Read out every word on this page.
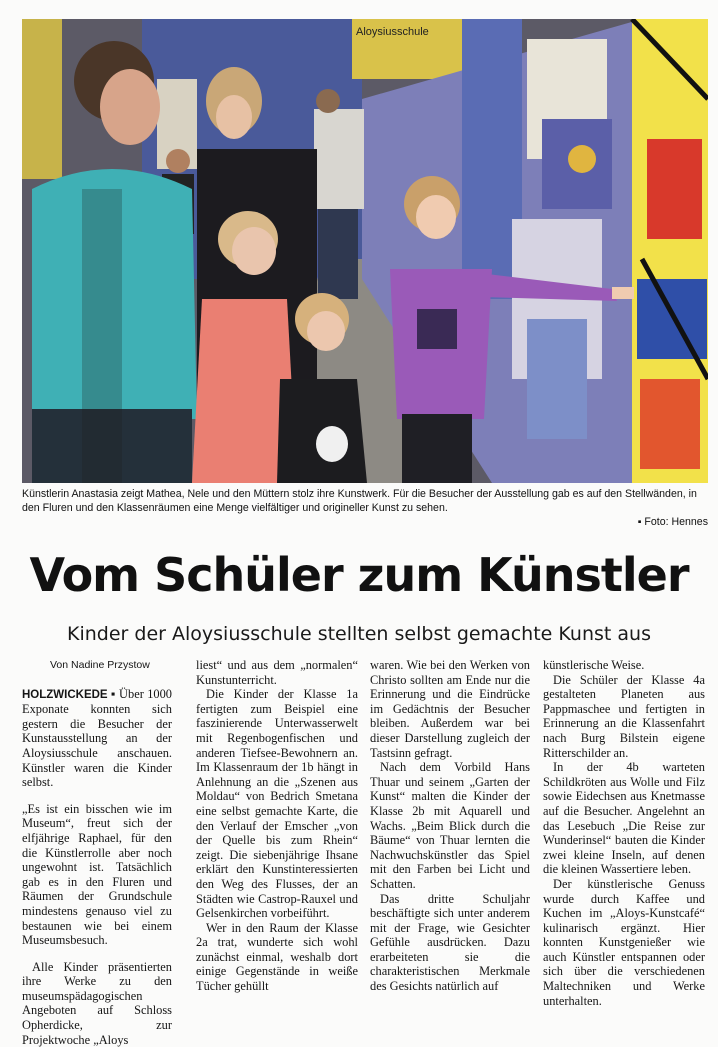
Aloysiusschule
Künstlerin Anastasia zeigt Mathea, Nele und den Müttern stolz ihre Kunstwerk. Für die Besucher der Ausstellung gab es auf den Stellwänden, in den Fluren und den Klassenräumen eine Menge vielfältiger und origineller Kunst zu sehen.
▪ Foto: Hennes
Vom Schüler zum Künstler
Kinder der Aloysiusschule stellten selbst gemachte Kunst aus
Von Nadine Przystow

HOLZWICKEDE ▪ Über 1000 Exponate konnten sich gestern die Besucher der Kunstausstellung an der Aloysiusschule anschauen. Künstler waren die Kinder selbst.

„Es ist ein bisschen wie im Museum“, freut sich der elfjährige Raphael, für den die Künstlerrolle aber noch ungewohnt ist. Tatsächlich gab es in den Fluren und Räumen der Grundschule mindestens genauso viel zu bestaunen wie bei einem Museumsbesuch.

Alle Kinder präsentierten ihre Werke zu den museumspädagogischen Angeboten auf Schloss Opherdicke, zur Projektwoche „Aloys

liest“ und aus dem „normalen“ Kunstunterricht.

Die Kinder der Klasse 1a fertigten zum Beispiel eine faszinierende Unterwasserwelt mit Regenbogenfischen und anderen Tiefsee-Bewohnern an. Im Klassenraum der 1b hängt in Anlehnung an die „Szenen aus Moldau“ von Bedrich Smetana eine selbst gemachte Karte, die den Verlauf der Emscher „von der Quelle bis zum Rhein“ zeigt. Die siebenjährige Ihsane erklärt den Kunstinteressierten den Weg des Flusses, der an Städten wie Castrop-Rauxel und Gelsenkirchen vorbeiführt.

Wer in den Raum der Klasse 2a trat, wunderte sich wohl zunächst einmal, weshalb dort einige Gegenstände in weiße Tücher gehüllt

waren. Wie bei den Werken von Christo sollten am Ende nur die Erinnerung und die Eindrücke im Gedächtnis der Besucher bleiben. Außerdem war bei dieser Darstellung zugleich der Tastsinn gefragt.

Nach dem Vorbild Hans Thuar und seinem „Garten der Kunst“ malten die Kinder der Klasse 2b mit Aquarell und Wachs. „Beim Blick durch die Bäume“ von Thuar lernten die Nachwuchskünstler das Spiel mit den Farben bei Licht und Schatten.

Das dritte Schuljahr beschäftigte sich unter anderem mit der Frage, wie Gesichter Gefühle ausdrücken. Dazu erarbeiteten sie die charakteristischen Merkmale des Gesichts natürlich auf

künstlerische Weise.

Die Schüler der Klasse 4a gestalteten Planeten aus Pappmaschee und fertigten in Erinnerung an die Klassenfahrt nach Burg Bilstein eigene Ritterschilder an.

In der 4b warteten Schildkröten aus Wolle und Filz sowie Eidechsen aus Knetmasse auf die Besucher. Angelehnt an das Lesebuch „Die Reise zur Wunderinsel“ bauten die Kinder zwei kleine Inseln, auf denen die kleinen Wassertiere leben.

Der künstlerische Genuss wurde durch Kaffee und Kuchen im „Aloys-Kunstcafé“ kulinarisch ergänzt. Hier konnten Kunstgenießer wie auch Künstler entspannen oder sich über die verschiedenen Maltechniken und Werke unterhalten.
